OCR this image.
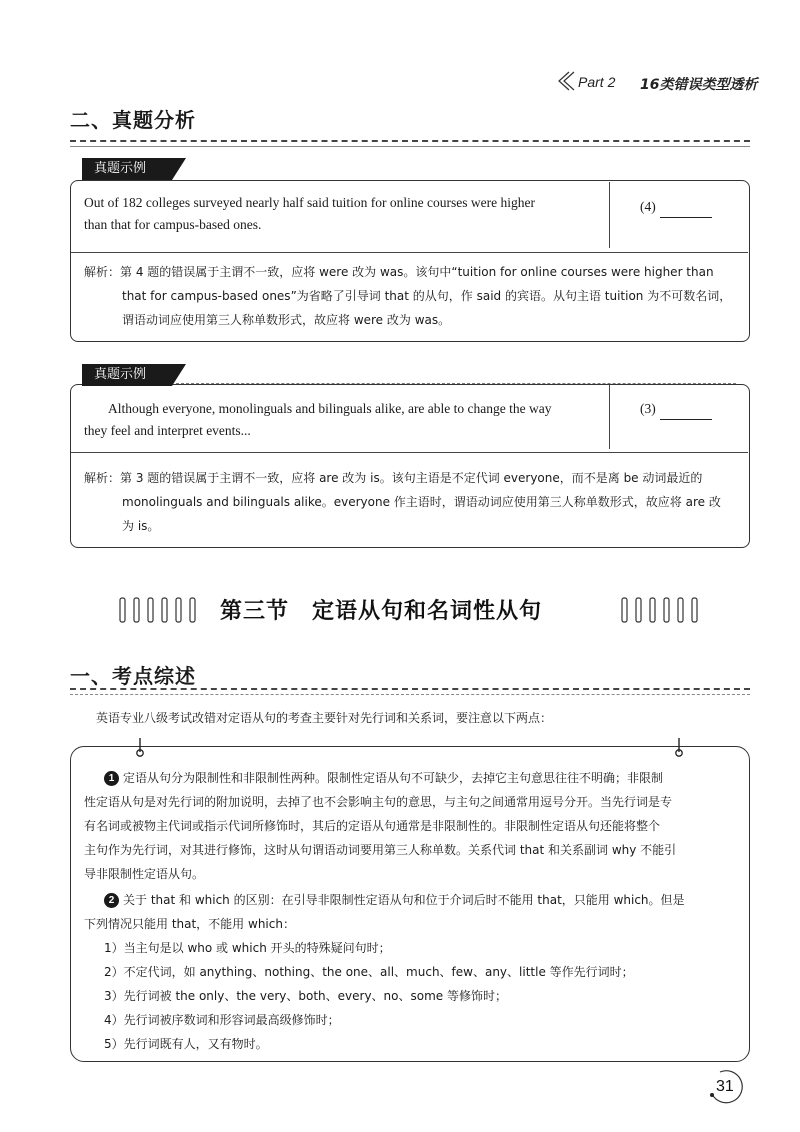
Part 2 16类错误类型透析
二、真题分析
真题示例
Out of 182 colleges surveyed nearly half said tuition for online courses were higher
than that for campus-based ones.
(4)
解析：第 4 题的错误属于主谓不一致，应将 were 改为 was。该句中“tuition for online courses were higher than
that for campus-based ones”为省略了引导词 that 的从句，作 said 的宾语。从句主语 tuition 为不可数名词，
谓语动词应使用第三人称单数形式，故应将 were 改为 was。
真题示例
Although everyone, monolinguals and bilinguals alike, are able to change the way
they feel and interpret events...
(3)
解析：第 3 题的错误属于主谓不一致，应将 are 改为 is。该句主语是不定代词 everyone，而不是离 be 动词最近的
monolinguals and bilinguals alike。everyone 作主语时，谓语动词应使用第三人称单数形式，故应将 are 改
为 is。
第三节　定语从句和名词性从句
一、考点综述
英语专业八级考试改错对定语从句的考查主要针对先行词和关系词，要注意以下两点：
1 定语从句分为限制性和非限制性两种。限制性定语从句不可缺少，去掉它主句意思往往不明确；非限制
性定语从句是对先行词的附加说明，去掉了也不会影响主句的意思，与主句之间通常用逗号分开。当先行词是专
有名词或被物主代词或指示代词所修饰时，其后的定语从句通常是非限制性的。非限制性定语从句还能将整个
主句作为先行词，对其进行修饰，这时从句谓语动词要用第三人称单数。关系代词 that 和关系副词 why 不能引
导非限制性定语从句。
2 关于 that 和 which 的区别：在引导非限制性定语从句和位于介词后时不能用 that，只能用 which。但是
下列情况只能用 that，不能用 which：
1）当主句是以 who 或 which 开头的特殊疑问句时；
2）不定代词，如 anything、nothing、the one、all、much、few、any、little 等作先行词时；
3）先行词被 the only、the very、both、every、no、some 等修饰时；
4）先行词被序数词和形容词最高级修饰时；
5）先行词既有人，又有物时。
31
